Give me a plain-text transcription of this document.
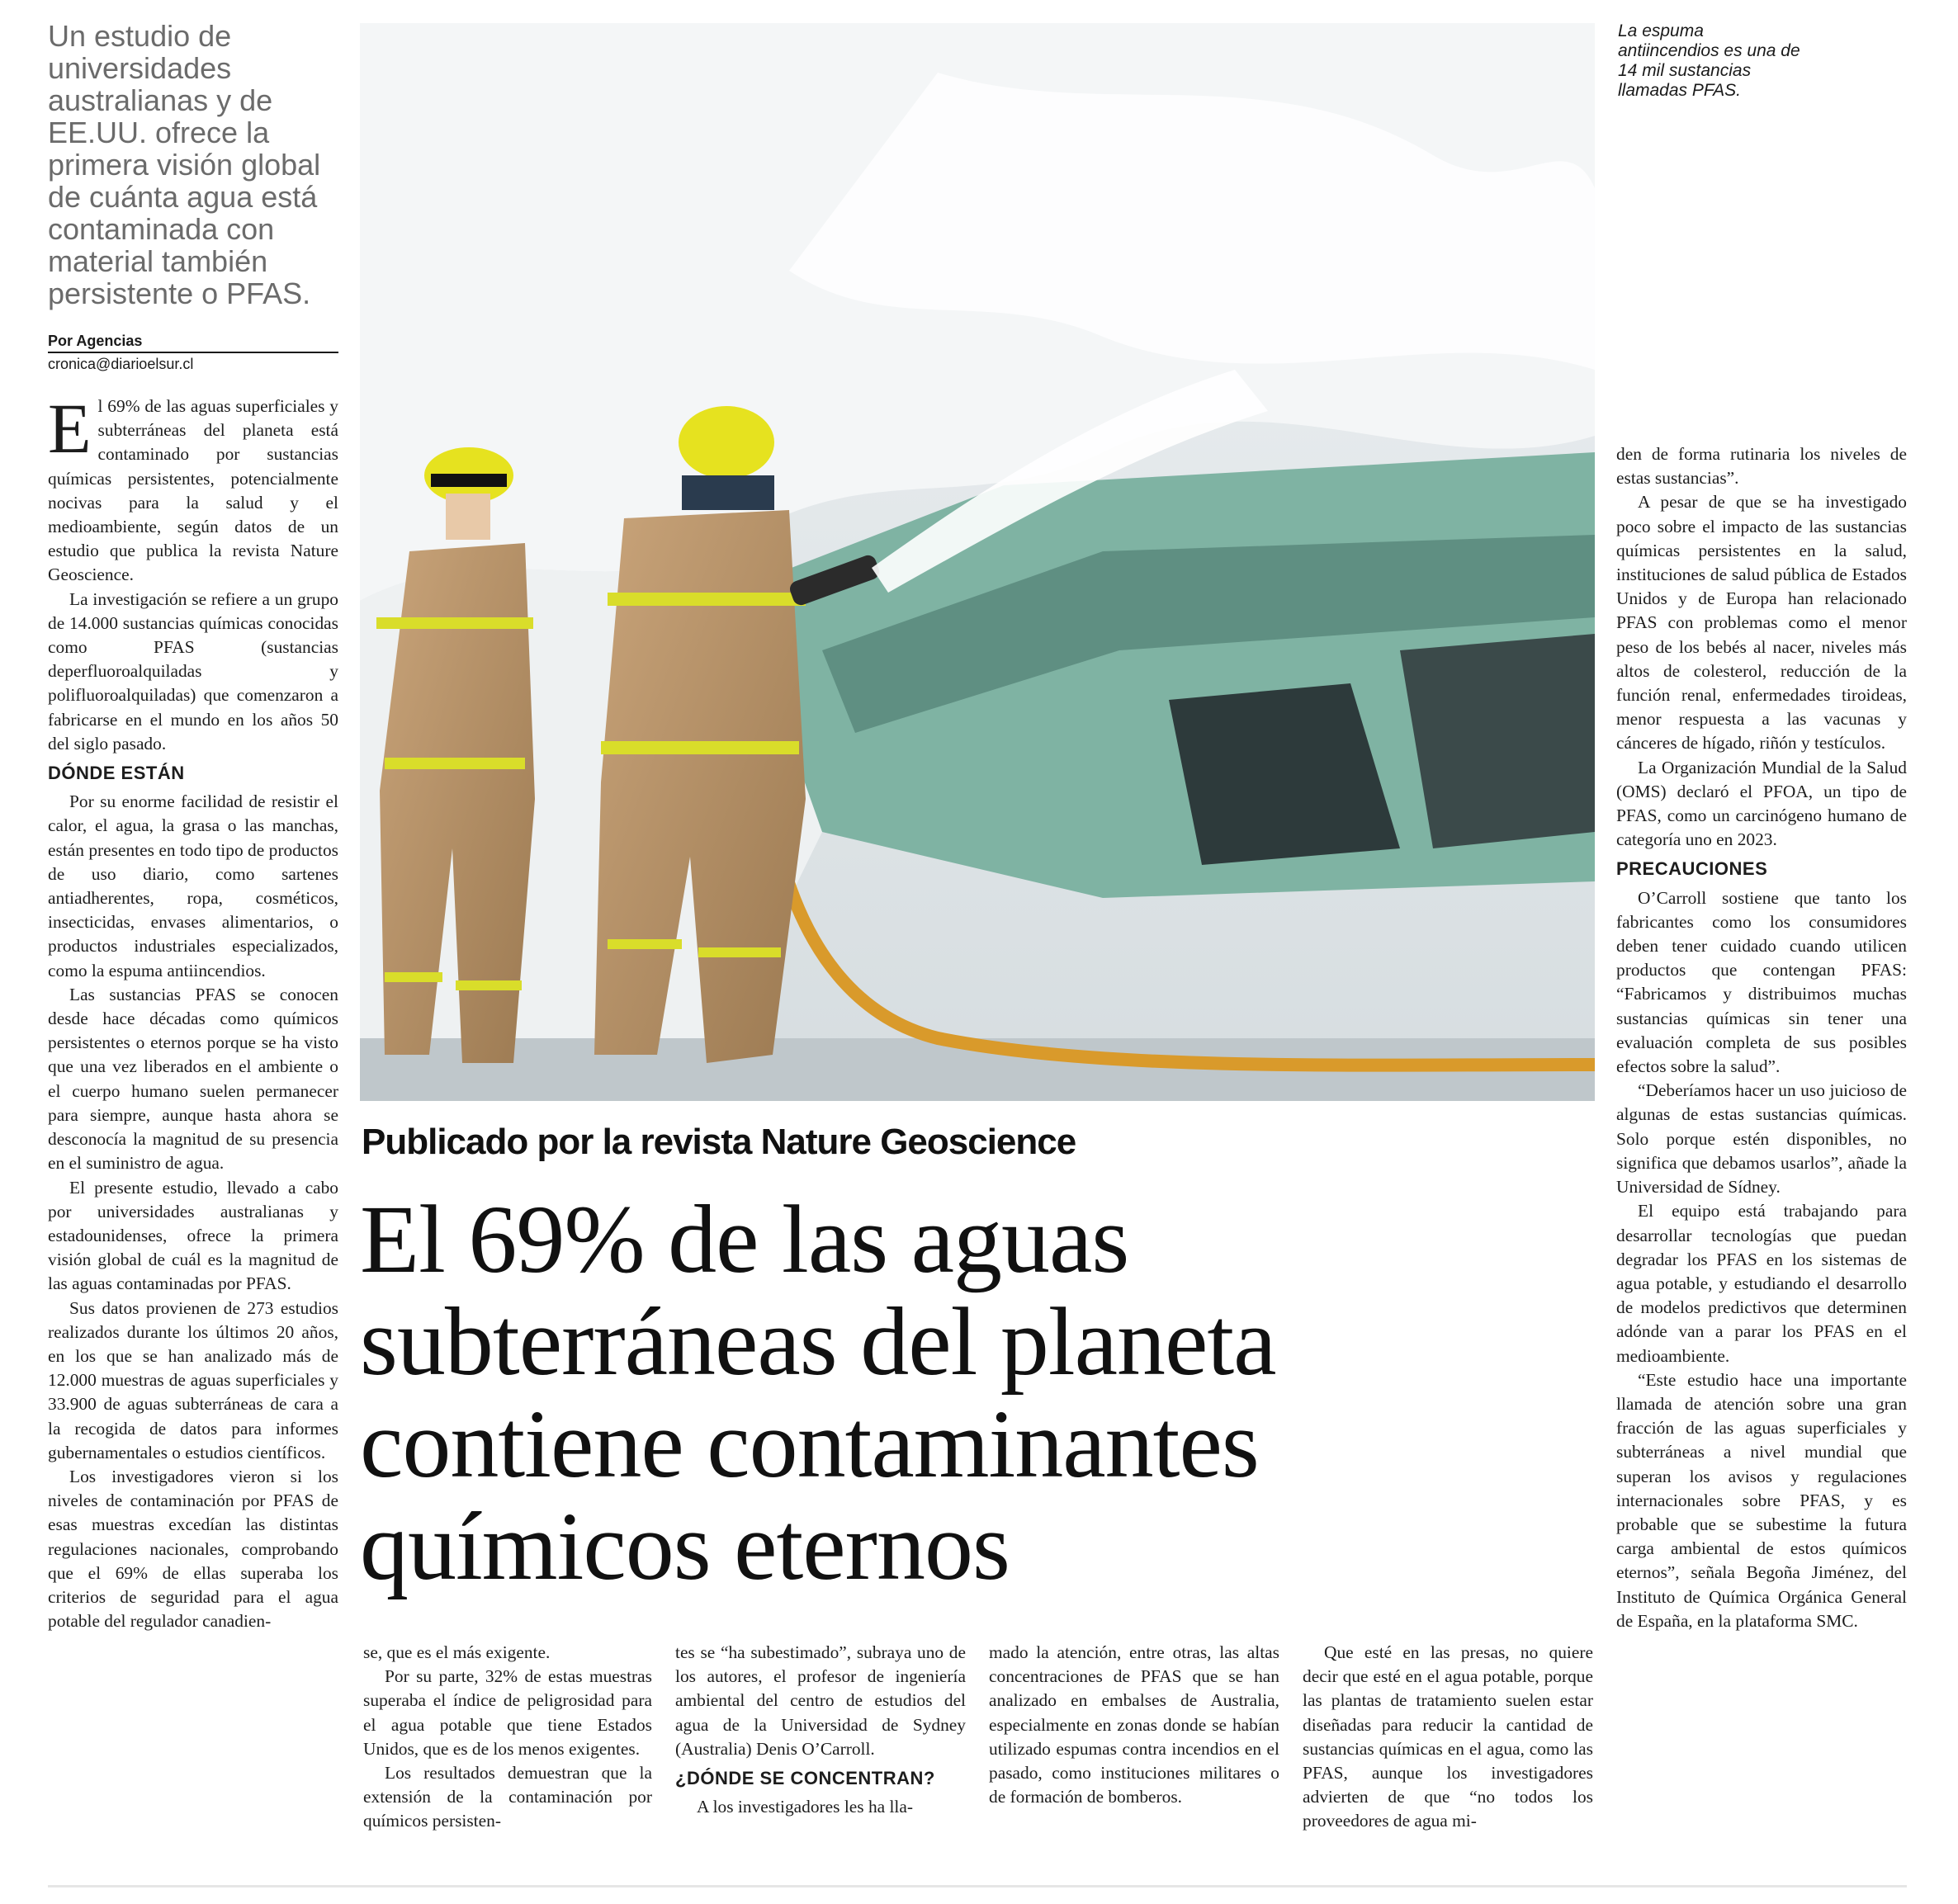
Un estudio de universidades australianas y de EE.UU. ofrece la primera visión global de cuánta agua está contaminada con material también persistente o PFAS.
Por Agencias
cronica@diarioelsur.cl
La espuma antiincendios es una de 14 mil sustancias llamadas PFAS.
Publicado por la revista Nature Geoscience
El 69% de las aguas subterráneas del planeta contiene contaminantes químicos eternos

El 69% de las aguas superficiales y subterráneas del planeta está contaminado por sustancias químicas persistentes, potencialmente nocivas para la salud y el medioambiente, según datos de un estudio que publica la revista Nature Geoscience.

La investigación se refiere a un grupo de 14.000 sustancias químicas conocidas como PFAS (sustancias deperfluoroalquiladas y polifluoroalquiladas) que comenzaron a fabricarse en el mundo en los años 50 del siglo pasado.

DÓNDE ESTÁN

Por su enorme facilidad de resistir el calor, el agua, la grasa o las manchas, están presentes en todo tipo de productos de uso diario, como sartenes antiadherentes, ropa, cosméticos, insecticidas, envases alimentarios, o productos industriales especializados, como la espuma antiincendios.

Las sustancias PFAS se conocen desde hace décadas como químicos persistentes o eternos porque se ha visto que una vez liberados en el ambiente o el cuerpo humano suelen permanecer para siempre, aunque hasta ahora se desconocía la magnitud de su presencia en el suministro de agua.

El presente estudio, llevado a cabo por universidades australianas y estadounidenses, ofrece la primera visión global de cuál es la magnitud de las aguas contaminadas por PFAS.

Sus datos provienen de 273 estudios realizados durante los últimos 20 años, en los que se han analizado más de 12.000 muestras de aguas superficiales y 33.900 de aguas subterráneas de cara a la recogida de datos para informes gubernamentales o estudios científicos.

Los investigadores vieron si los niveles de contaminación por PFAS de esas muestras excedían las distintas regulaciones nacionales, comprobando que el 69% de ellas superaba los criterios de seguridad para el agua potable del regulador canadien-

se, que es el más exigente.

Por su parte, 32% de estas muestras superaba el índice de peligrosidad para el agua potable que tiene Estados Unidos, que es de los menos exigentes.

Los resultados demuestran que la extensión de la contaminación por químicos persisten-

tes se “ha subestimado”, subraya uno de los autores, el profesor de ingeniería ambiental del centro de estudios del agua de la Universidad de Sydney (Australia) Denis O’Carroll.

¿DÓNDE SE CONCENTRAN?

A los investigadores les ha lla-

mado la atención, entre otras, las altas concentraciones de PFAS que se han analizado en embalses de Australia, especialmente en zonas donde se habían utilizado espumas contra incendios en el pasado, como instituciones militares o de formación de bomberos.

Que esté en las presas, no quiere decir que esté en el agua potable, porque las plantas de tratamiento suelen estar diseñadas para reducir la cantidad de sustancias químicas en el agua, como las PFAS, aunque los investigadores advierten de que “no todos los proveedores de agua mi-

den de forma rutinaria los niveles de estas sustancias”.

A pesar de que se ha investigado poco sobre el impacto de las sustancias químicas persistentes en la salud, instituciones de salud pública de Estados Unidos y de Europa han relacionado PFAS con problemas como el menor peso de los bebés al nacer, niveles más altos de colesterol, reducción de la función renal, enfermedades tiroideas, menor respuesta a las vacunas y cánceres de hígado, riñón y testículos.

La Organización Mundial de la Salud (OMS) declaró el PFOA, un tipo de PFAS, como un carcinógeno humano de categoría uno en 2023.

PRECAUCIONES

O’Carroll sostiene que tanto los fabricantes como los consumidores deben tener cuidado cuando utilicen productos que contengan PFAS: “Fabricamos y distribuimos muchas sustancias químicas sin tener una evaluación completa de sus posibles efectos sobre la salud”.

“Deberíamos hacer un uso juicioso de algunas de estas sustancias químicas. Solo porque estén disponibles, no significa que debamos usarlos”, añade la Universidad de Sídney.

El equipo está trabajando para desarrollar tecnologías que puedan degradar los PFAS en los sistemas de agua potable, y estudiando el desarrollo de modelos predictivos que determinen adónde van a parar los PFAS en el medioambiente.

“Este estudio hace una importante llamada de atención sobre una gran fracción de las aguas superficiales y subterráneas a nivel mundial que superan los avisos y regulaciones internacionales sobre PFAS, y es probable que se subestime la futura carga ambiental de estos químicos eternos”, señala Begoña Jiménez, del Instituto de Química Orgánica General de España, en la plataforma SMC.
